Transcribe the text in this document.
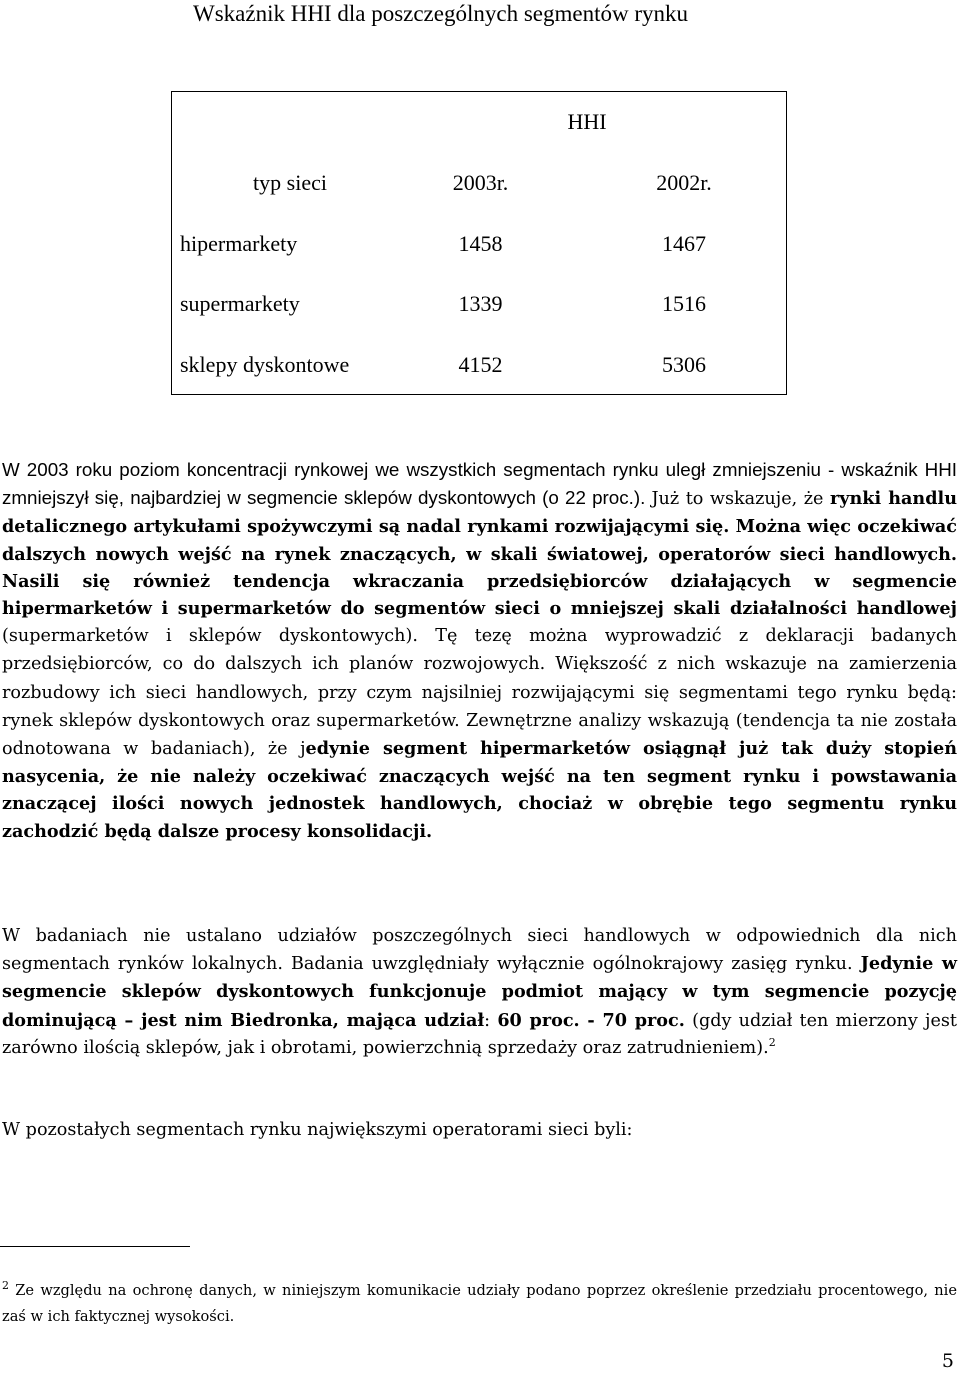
Wskaźnik HHI dla poszczególnych segmentów rynku
HHI
typ sieci	2003r.	2002r.
hipermarkety	1458	1467
supermarkety	1339	1516
sklepy dyskontowe	4152	5306
W 2003 roku poziom koncentracji rynkowej we wszystkich segmentach rynku uległ zmniejszeniu - wskaźnik HHI zmniejszył się, najbardziej w segmencie sklepów dyskontowych (o 22 proc.). Już to wskazuje, że rynki handlu detalicznego artykułami spożywczymi są nadal rynkami rozwijającymi się. Można więc oczekiwać dalszych nowych wejść na rynek znaczących, w skali światowej, operatorów sieci handlowych. Nasili się również tendencja wkraczania przedsiębiorców działających w segmencie hipermarketów i supermarketów do segmentów sieci o mniejszej skali działalności handlowej (supermarketów i sklepów dyskontowych). Tę tezę można wyprowadzić z deklaracji badanych przedsiębiorców, co do dalszych ich planów rozwojowych. Większość z nich wskazuje na zamierzenia rozbudowy ich sieci handlowych, przy czym najsilniej rozwijającymi się segmentami tego rynku będą: rynek sklepów dyskontowych oraz supermarketów. Zewnętrzne analizy wskazują (tendencja ta nie została odnotowana w badaniach), że jedynie segment hipermarketów osiągnął już tak duży stopień nasycenia, że nie należy oczekiwać znaczących wejść na ten segment rynku i powstawania znaczącej ilości nowych jednostek handlowych, chociaż w obrębie tego segmentu rynku zachodzić będą dalsze procesy konsolidacji.
W badaniach nie ustalano udziałów poszczególnych sieci handlowych w odpowiednich dla nich segmentach rynków lokalnych. Badania uwzględniały wyłącznie ogólnokrajowy zasięg rynku. Jedynie w segmencie sklepów dyskontowych funkcjonuje podmiot mający w tym segmencie pozycję dominującą – jest nim Biedronka, mająca udział: 60 proc. - 70 proc. (gdy udział ten mierzony jest zarówno ilością sklepów, jak i obrotami, powierzchnią sprzedaży oraz zatrudnieniem).$^2$
W pozostałych segmentach rynku największymi operatorami sieci byli:
$^2$ Ze względu na ochronę danych, w niniejszym komunikacie udziały podano poprzez określenie przedziału procentowego, nie zaś w ich faktycznej wysokości.
5
